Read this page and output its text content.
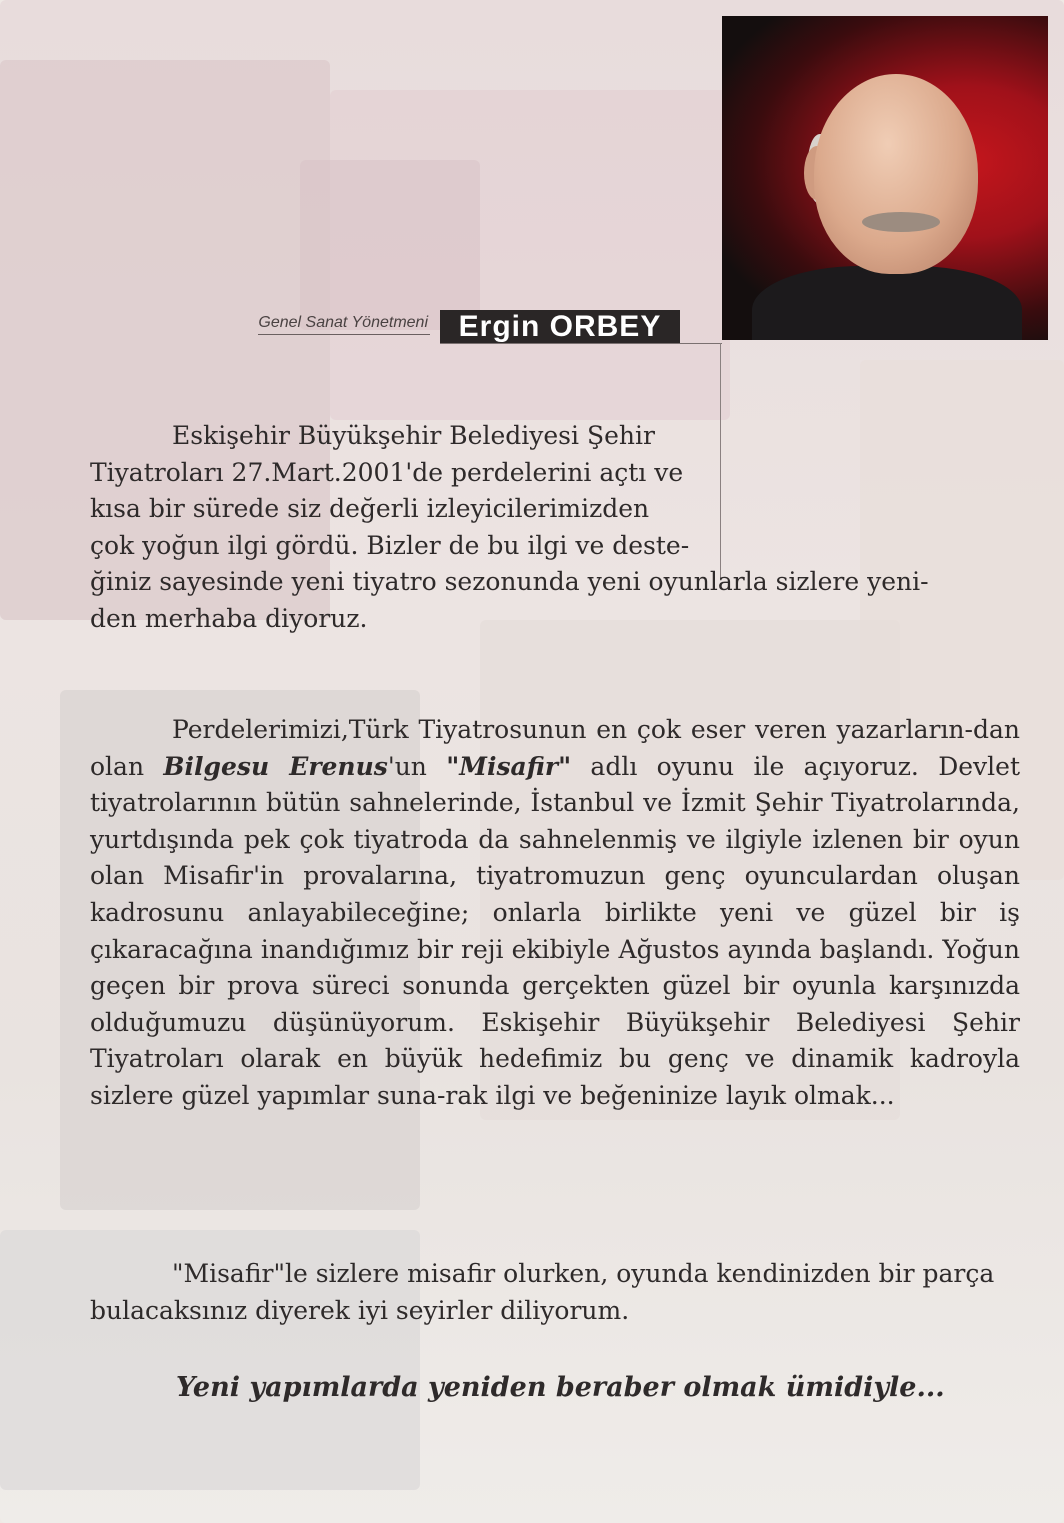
Genel Sanat Yönetmeni	Ergin ORBEY
Eskişehir Büyükşehir Belediyesi Şehir
Tiyatroları 27.Mart.2001'de perdelerini açtı ve
kısa bir sürede siz değerli izleyicilerimizden
çok yoğun ilgi gördü. Bizler de bu ilgi ve deste-
ğiniz sayesinde yeni tiyatro sezonunda yeni oyunlarla sizlere yeni-
den merhaba diyoruz.
Perdelerimizi,Türk Tiyatrosunun en çok eser veren yazarların-dan olan Bilgesu Erenus'un "Misafir" adlı oyunu ile açıyoruz. Devlet tiyatrolarının bütün sahnelerinde, İstanbul ve İzmit Şehir Tiyatrolarında, yurtdışında pek çok tiyatroda da sahnelenmiş ve ilgiyle izlenen bir oyun olan Misafir'in provalarına, tiyatromuzun genç oyunculardan oluşan kadrosunu anlayabileceğine; onlarla birlikte yeni ve güzel bir iş çıkaracağına inandığımız bir reji ekibiyle Ağustos ayında başlandı. Yoğun geçen bir prova süreci sonunda gerçekten güzel bir oyunla karşınızda olduğumuzu düşünüyorum. Eskişehir Büyükşehir Belediyesi Şehir Tiyatroları olarak en büyük hedefimiz bu genç ve dinamik kadroyla sizlere güzel yapımlar suna-rak ilgi ve beğeninize layık olmak...
"Misafir"le sizlere misafir olurken, oyunda kendinizden bir parça bulacaksınız diyerek iyi seyirler diliyorum.
Yeni yapımlarda yeniden beraber olmak ümidiyle...
